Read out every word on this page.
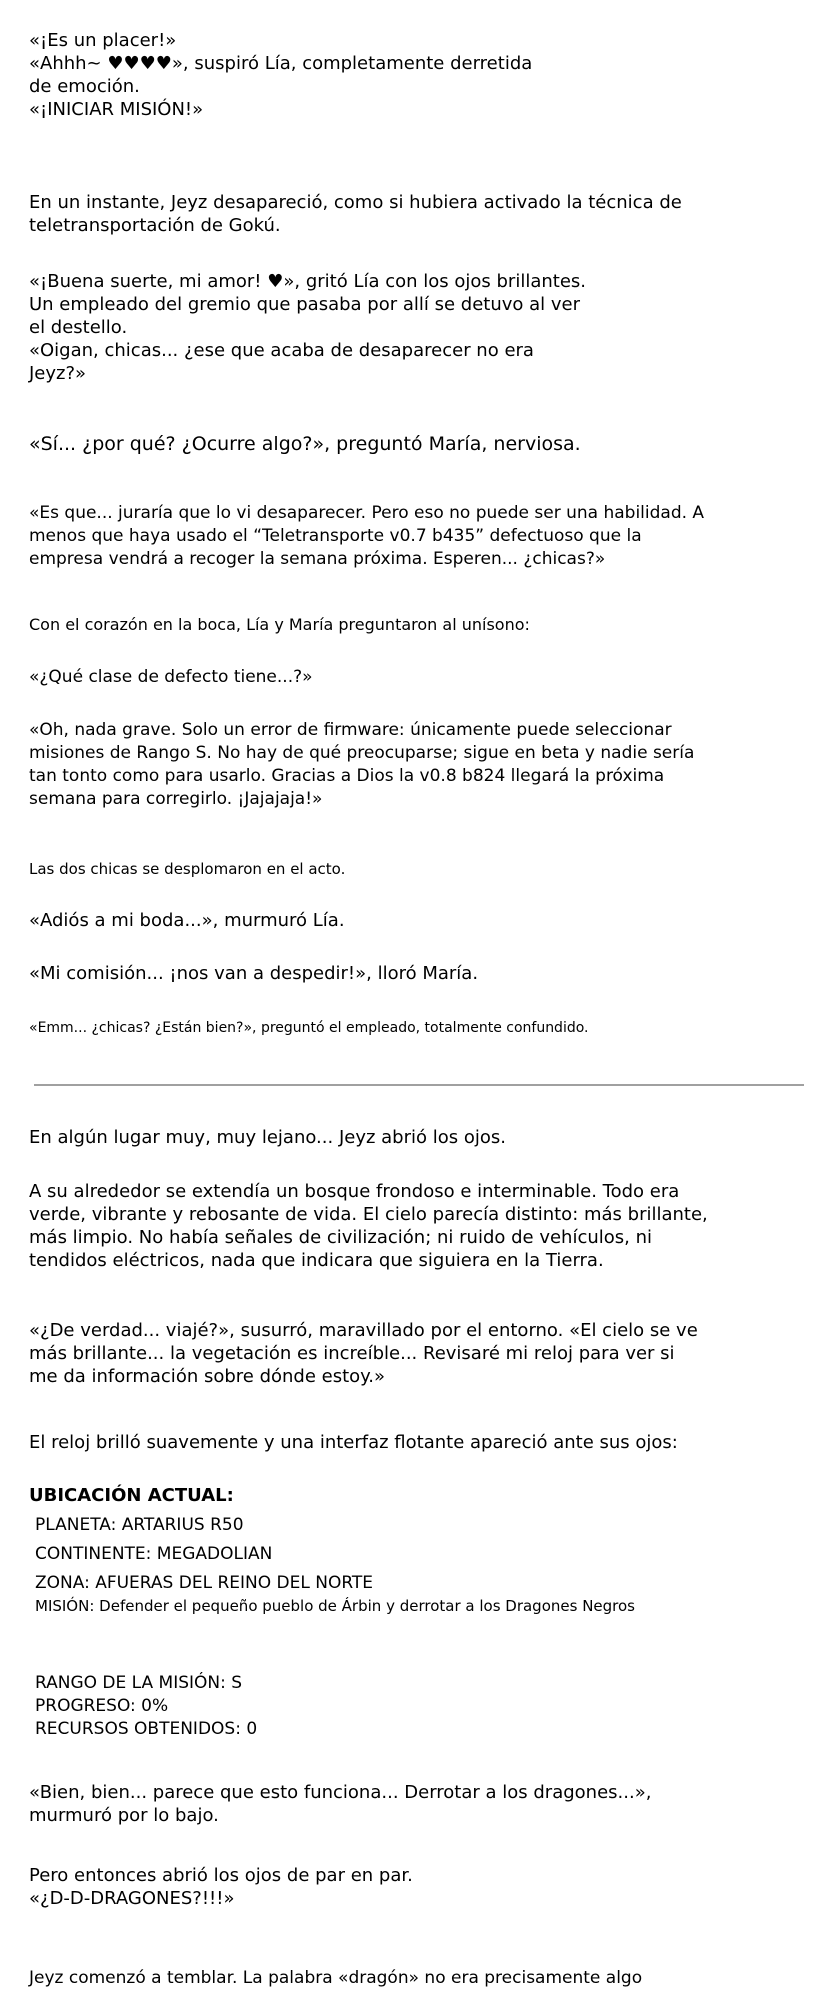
«¡Es un placer!»
«Ahhh~ ♥♥♥♥», suspiró Lía, completamente derretida
de emoción.
«¡INICIAR MISIÓN!»

En un instante, Jeyz desapareció, como si hubiera activado la técnica de
teletransportación de Gokú.

«¡Buena suerte, mi amor! ♥», gritó Lía con los ojos brillantes.
Un empleado del gremio que pasaba por allí se detuvo al ver
el destello.
«Oigan, chicas... ¿ese que acaba de desaparecer no era
Jeyz?»

«Sí... ¿por qué? ¿Ocurre algo?», preguntó María, nerviosa.

«Es que... juraría que lo vi desaparecer. Pero eso no puede ser una habilidad. A
menos que haya usado el “Teletransporte v0.7 b435” defectuoso que la
empresa vendrá a recoger la semana próxima. Esperen... ¿chicas?»

Con el corazón en la boca, Lía y María preguntaron al unísono:

«¿Qué clase de defecto tiene...?»

«Oh, nada grave. Solo un error de firmware: únicamente puede seleccionar
misiones de Rango S. No hay de qué preocuparse; sigue en beta y nadie sería
tan tonto como para usarlo. Gracias a Dios la v0.8 b824 llegará la próxima
semana para corregirlo. ¡Jajajaja!»

Las dos chicas se desplomaron en el acto.

«Adiós a mi boda...», murmuró Lía.

«Mi comisión... ¡nos van a despedir!», lloró María.

«Emm... ¿chicas? ¿Están bien?», preguntó el empleado, totalmente confundido.

En algún lugar muy, muy lejano... Jeyz abrió los ojos.

A su alrededor se extendía un bosque frondoso e interminable. Todo era
verde, vibrante y rebosante de vida. El cielo parecía distinto: más brillante,
más limpio. No había señales de civilización; ni ruido de vehículos, ni
tendidos eléctricos, nada que indicara que siguiera en la Tierra.

«¿De verdad... viajé?», susurró, maravillado por el entorno. «El cielo se ve
más brillante... la vegetación es increíble... Revisaré mi reloj para ver si
me da información sobre dónde estoy.»

El reloj brilló suavemente y una interfaz flotante apareció ante sus ojos:

UBICACIÓN ACTUAL:

PLANETA: ARTARIUS R50

CONTINENTE: MEGADOLIAN

ZONA: AFUERAS DEL REINO DEL NORTE

MISIÓN: Defender el pequeño pueblo de Árbin y derrotar a los Dragones Negros

RANGO DE LA MISIÓN: S

PROGRESO: 0%

RECURSOS OBTENIDOS: 0

«Bien, bien... parece que esto funciona... Derrotar a los dragones...»,
murmuró por lo bajo.

Pero entonces abrió los ojos de par en par.
«¿D-D-DRAGONES?!!!»

Jeyz comenzó a temblar. La palabra «dragón» no era precisamente algo
